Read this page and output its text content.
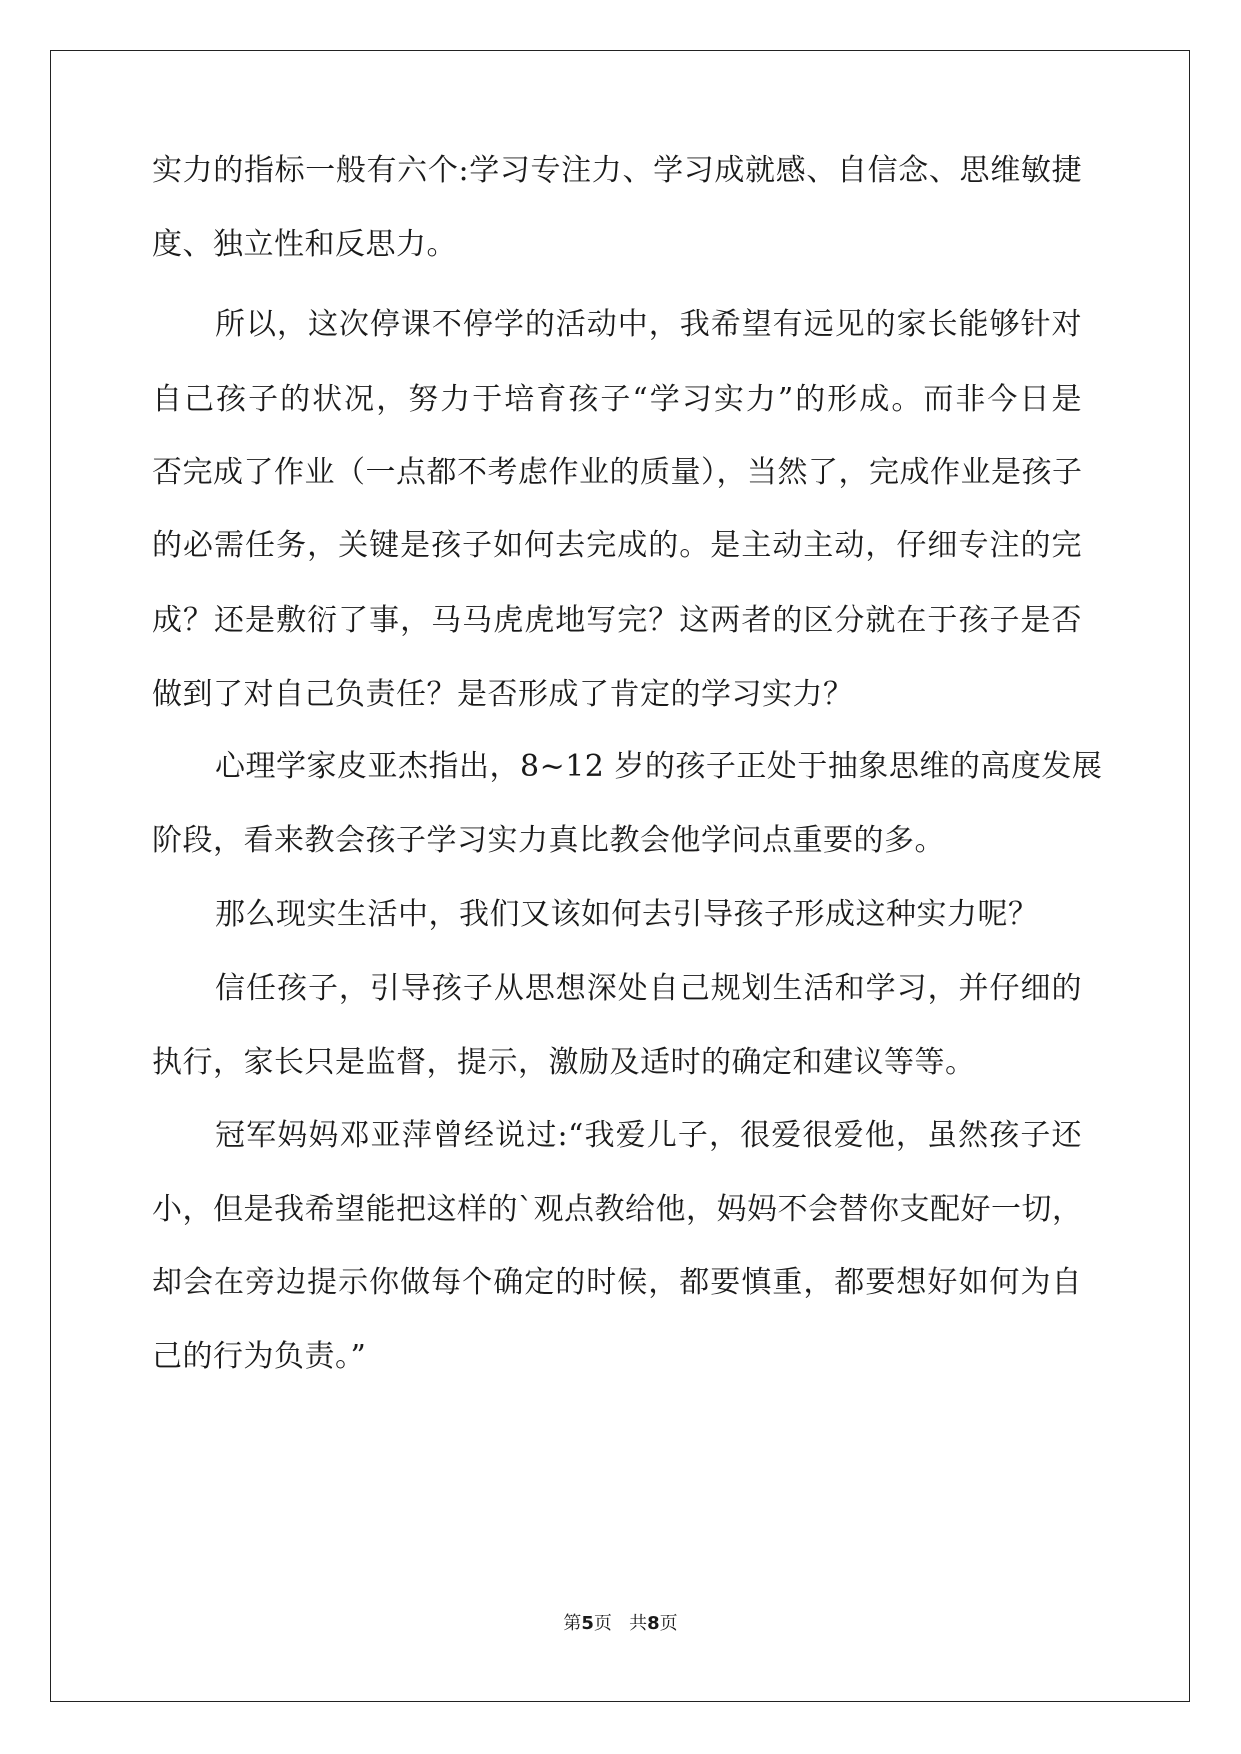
实力的指标一般有六个:学习专注力、学习成就感、自信念、思维敏捷
度、独立性和反思力。
所以，这次停课不停学的活动中，我希望有远见的家长能够针对
自己孩子的状况，努力于培育孩子“学习实力”的形成。而非今日是
否完成了作业（一点都不考虑作业的质量），当然了，完成作业是孩子
的必需任务，关键是孩子如何去完成的。是主动主动，仔细专注的完
成？还是敷衍了事，马马虎虎地写完？这两者的区分就在于孩子是否
做到了对自己负责任？是否形成了肯定的学习实力？
心理学家皮亚杰指出，8~12 岁的孩子正处于抽象思维的高度发展
阶段，看来教会孩子学习实力真比教会他学问点重要的多。
那么现实生活中，我们又该如何去引导孩子形成这种实力呢？
信任孩子，引导孩子从思想深处自己规划生活和学习，并仔细的
执行，家长只是监督，提示，激励及适时的确定和建议等等。
冠军妈妈邓亚萍曾经说过:“我爱儿子，很爱很爱他，虽然孩子还
小，但是我希望能把这样的`观点教给他，妈妈不会替你支配好一切，
却会在旁边提示你做每个确定的时候，都要慎重，都要想好如何为自
己的行为负责。”
第5页   共8页
